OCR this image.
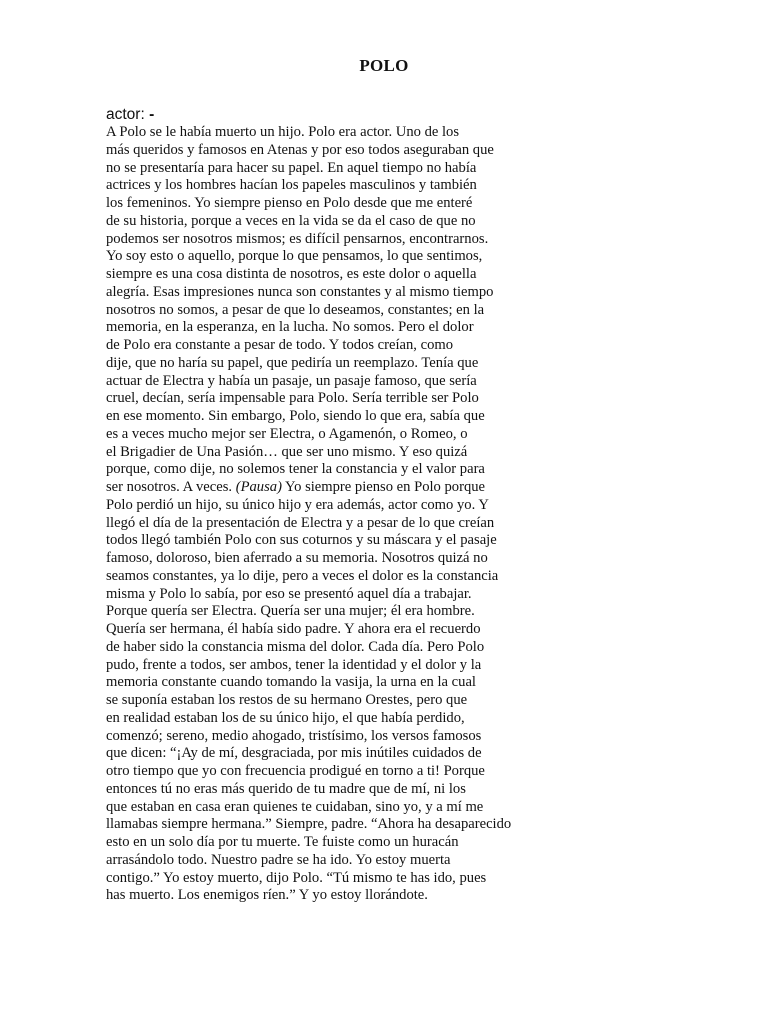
POLO
actor: -
A Polo se le había muerto un hijo. Polo era actor. Uno de los
más queridos y famosos en Atenas y por eso todos aseguraban que
no se presentaría para hacer su papel. En aquel tiempo no había
actrices y los hombres hacían los papeles masculinos y también
los femeninos. Yo siempre pienso en Polo desde que me enteré
de su historia, porque a veces en la vida se da el caso de que no
podemos ser nosotros mismos; es difícil pensarnos, encontrarnos.
Yo soy esto o aquello, porque lo que pensamos, lo que sentimos,
siempre es una cosa distinta de nosotros, es este dolor o aquella
alegría. Esas impresiones nunca son constantes y al mismo tiempo
nosotros no somos, a pesar de que lo deseamos, constantes; en la
memoria, en la esperanza, en la lucha. No somos. Pero el dolor
de Polo era constante a pesar de todo. Y todos creían, como
dije, que no haría su papel, que pediría un reemplazo. Tenía que
actuar de Electra y había un pasaje, un pasaje famoso, que sería
cruel, decían, sería impensable para Polo. Sería terrible ser Polo
en ese momento. Sin embargo, Polo, siendo lo que era, sabía que
es a veces mucho mejor ser Electra, o Agamenón, o Romeo, o
el Brigadier de Una Pasión… que ser uno mismo. Y eso quizá
porque, como dije, no solemos tener la constancia y el valor para
ser nosotros. A veces. (Pausa) Yo siempre pienso en Polo porque
Polo perdió un hijo, su único hijo y era además, actor como yo. Y
llegó el día de la presentación de Electra y a pesar de lo que creían
todos llegó también Polo con sus coturnos y su máscara y el pasaje
famoso, doloroso, bien aferrado a su memoria. Nosotros quizá no
seamos constantes, ya lo dije, pero a veces el dolor es la constancia
misma y Polo lo sabía, por eso se presentó aquel día a trabajar.
Porque quería ser Electra. Quería ser una mujer; él era hombre.
Quería ser hermana, él había sido padre. Y ahora era el recuerdo
de haber sido la constancia misma del dolor. Cada día. Pero Polo
pudo, frente a todos, ser ambos, tener la identidad y el dolor y la
memoria constante cuando tomando la vasija, la urna en la cual
se suponía estaban los restos de su hermano Orestes, pero que
en realidad estaban los de su único hijo, el que había perdido,
comenzó; sereno, medio ahogado, tristísimo, los versos famosos
que dicen: “¡Ay de mí, desgraciada, por mis inútiles cuidados de
otro tiempo que yo con frecuencia prodigué en torno a ti! Porque
entonces tú no eras más querido de tu madre que de mí, ni los
que estaban en casa eran quienes te cuidaban, sino yo, y a mí me
llamabas siempre hermana.” Siempre, padre. “Ahora ha desaparecido
esto en un solo día por tu muerte. Te fuiste como un huracán
arrasándolo todo. Nuestro padre se ha ido. Yo estoy muerta
contigo.” Yo estoy muerto, dijo Polo. “Tú mismo te has ido, pues
has muerto. Los enemigos ríen.” Y yo estoy llorándote.
